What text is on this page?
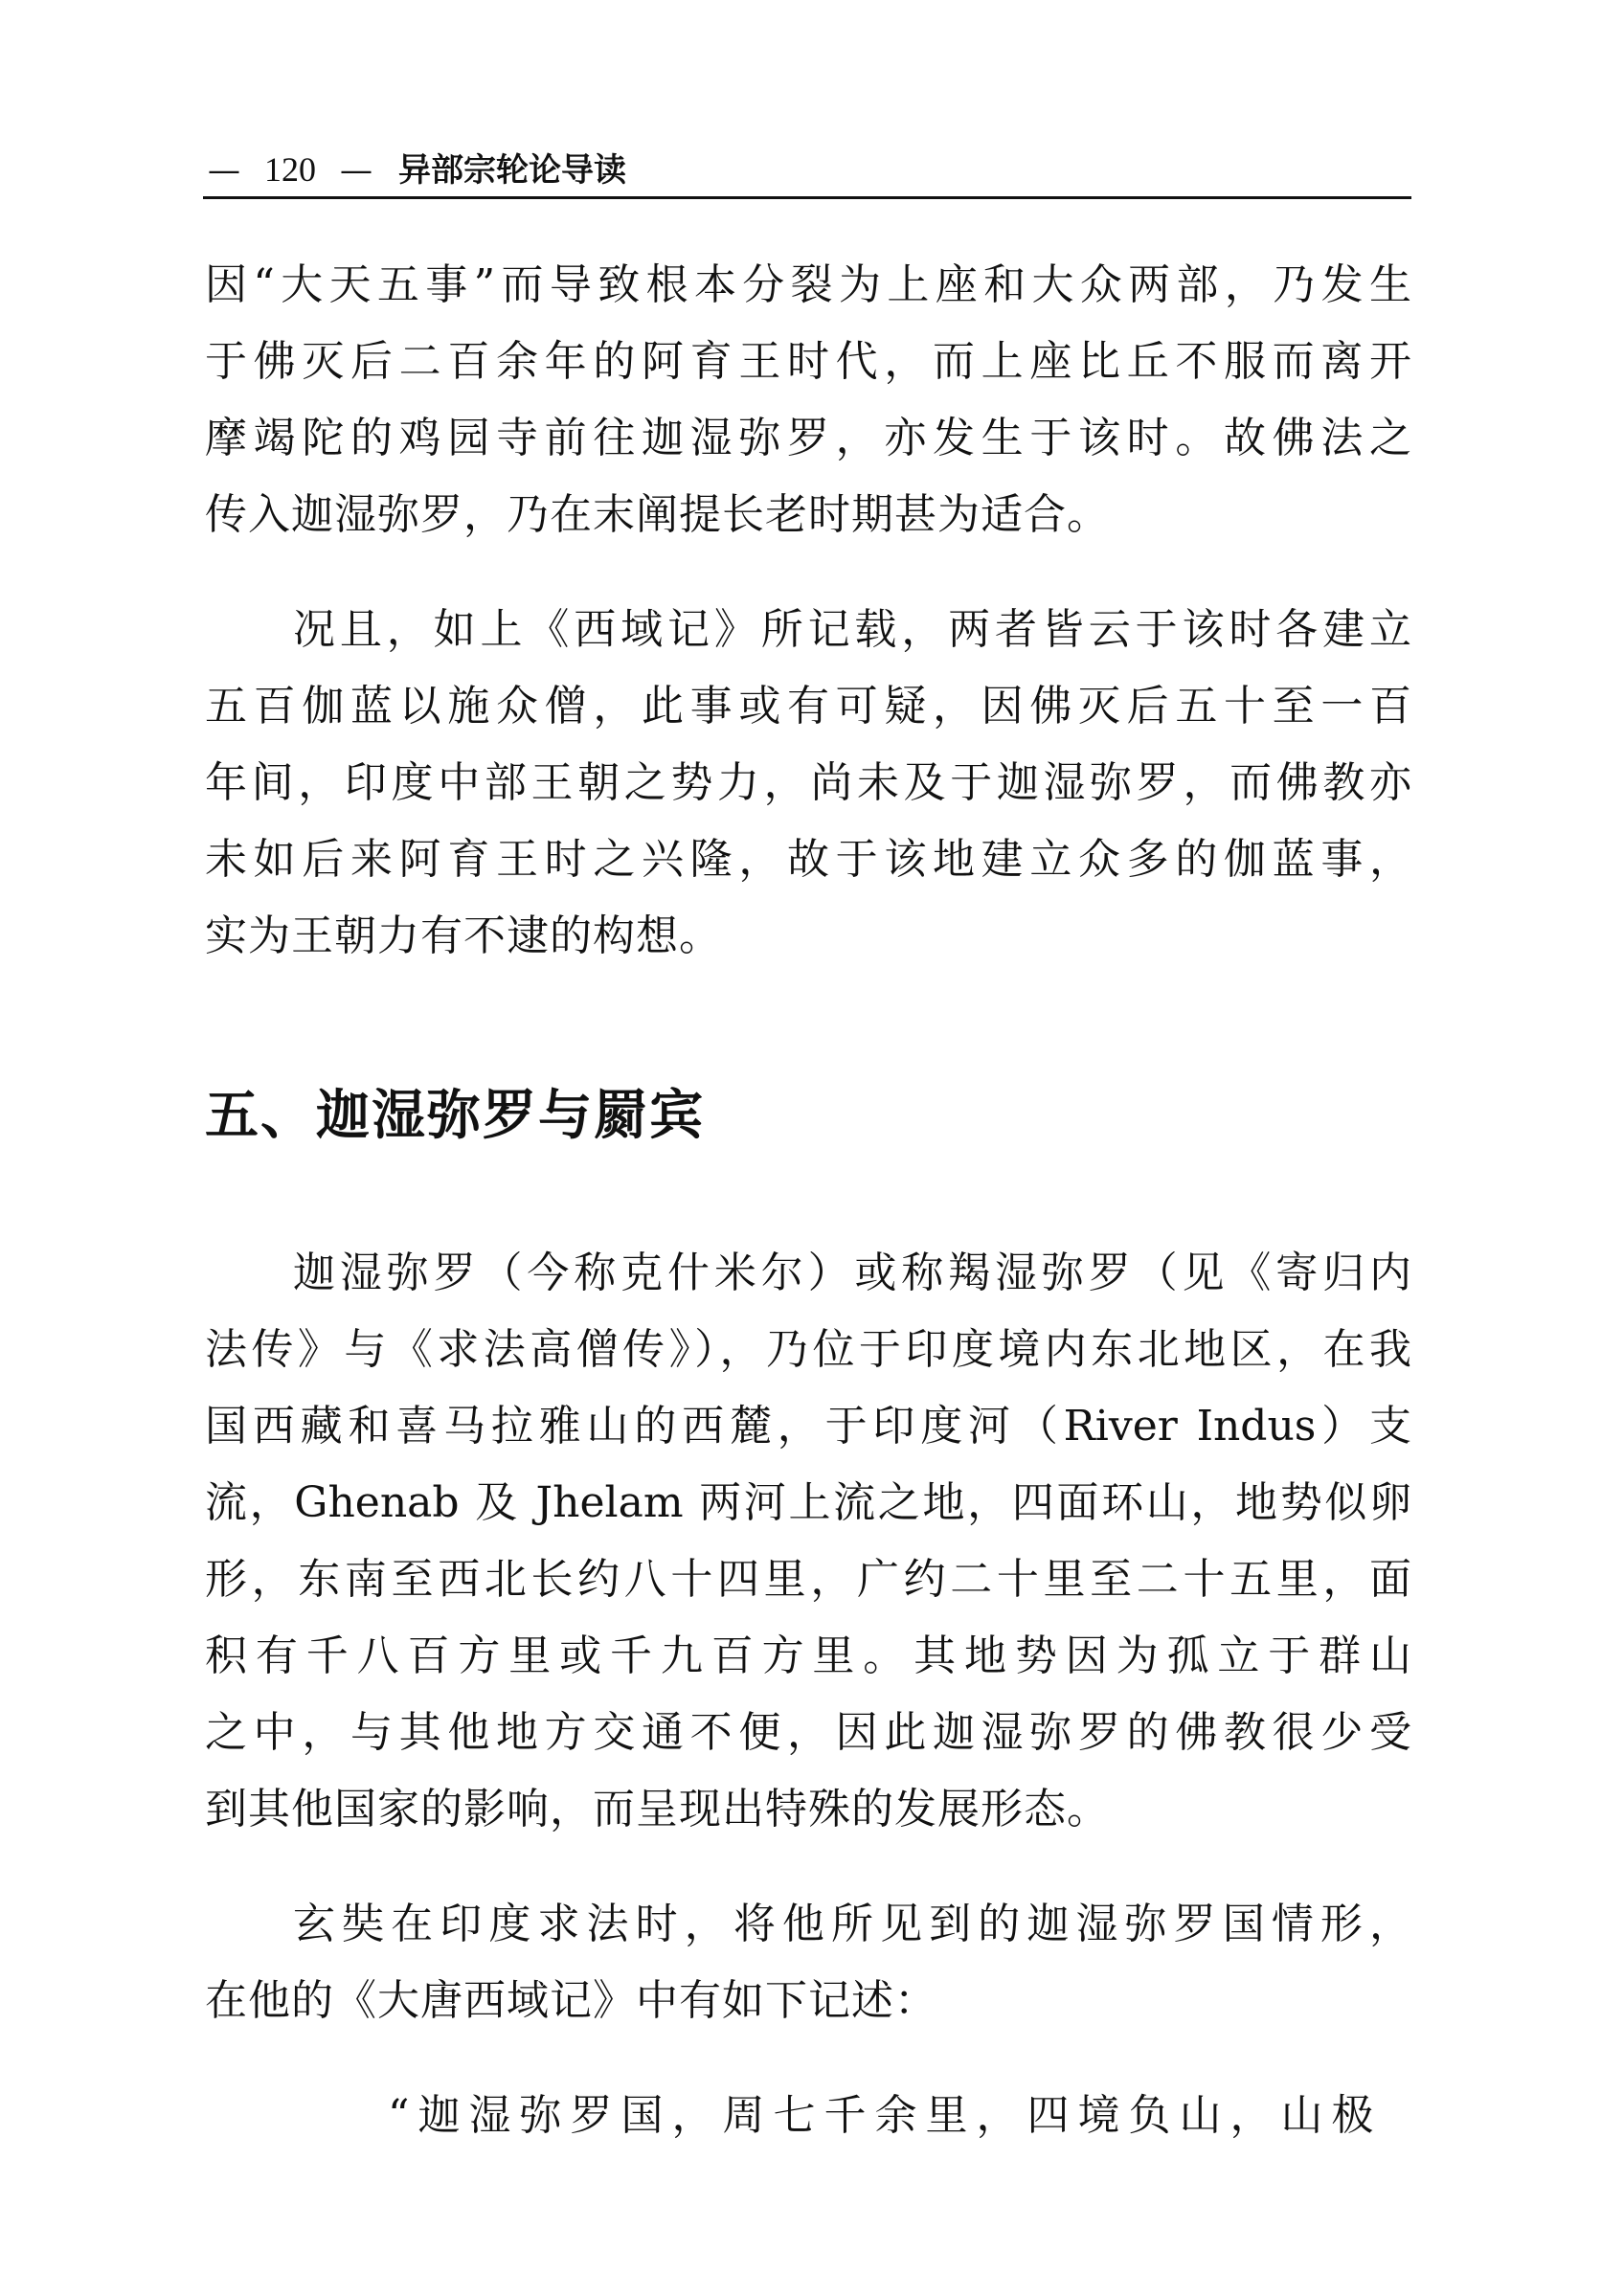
— 120 — 异部宗轮论导读
因“大天五事”而导致根本分裂为上座和大众两部，乃发生
于佛灭后二百余年的阿育王时代，而上座比丘不服而离开
摩竭陀的鸡园寺前往迦湿弥罗，亦发生于该时。故佛法之
传入迦湿弥罗，乃在末阐提长老时期甚为适合。
况且，如上《西域记》所记载，两者皆云于该时各建立
五百伽蓝以施众僧，此事或有可疑，因佛灭后五十至一百
年间，印度中部王朝之势力，尚未及于迦湿弥罗，而佛教亦
未如后来阿育王时之兴隆，故于该地建立众多的伽蓝事，
实为王朝力有不逮的构想。
五、迦湿弥罗与罽宾
迦湿弥罗（今称克什米尔）或称羯湿弥罗（见《寄归内
法传》与《求法高僧传》），乃位于印度境内东北地区，在我
国西藏和喜马拉雅山的西麓，于印度河（River Indus）支
流，Ghenab 及 Jhelam 两河上流之地，四面环山，地势似卵
形，东南至西北长约八十四里，广约二十里至二十五里，面
积有千八百方里或千九百方里。其地势因为孤立于群山
之中，与其他地方交通不便，因此迦湿弥罗的佛教很少受
到其他国家的影响，而呈现出特殊的发展形态。
玄奘在印度求法时，将他所见到的迦湿弥罗国情形，
在他的《大唐西域记》中有如下记述：
“迦湿弥罗国，周七千余里，四境负山，山极
